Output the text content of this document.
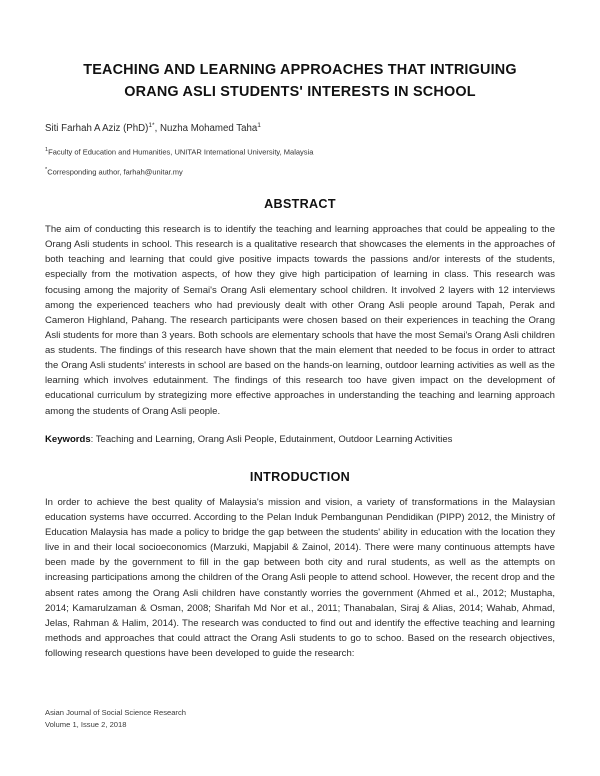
TEACHING AND LEARNING APPROACHES THAT INTRIGUING
ORANG ASLI STUDENTS' INTERESTS IN SCHOOL
Siti Farhah A Aziz (PhD)$^{1*}$, Nuzha Mohamed Taha$^1$
$^1$Faculty of Education and Humanities, UNITAR International University, Malaysia
*Corresponding author, farhah@unitar.my
ABSTRACT
The aim of conducting this research is to identify the teaching and learning approaches that could be appealing to the Orang Asli students in school. This research is a qualitative research that showcases the elements in the approaches of both teaching and learning that could give positive impacts towards the passions and/or interests of the students, especially from the motivation aspects, of how they give high participation of learning in class. This research was focusing among the majority of Semai's Orang Asli elementary school children. It involved 2 layers with 12 interviews among the experienced teachers who had previously dealt with other Orang Asli people around Tapah, Perak and Cameron Highland, Pahang. The research participants were chosen based on their experiences in teaching the Orang Asli students for more than 3 years. Both schools are elementary schools that have the most Semai's Orang Asli children as students. The findings of this research have shown that the main element that needed to be focus in order to attract the Orang Asli students' interests in school are based on the hands-on learning, outdoor learning activities as well as the learning which involves edutainment. The findings of this research too have given impact on the development of educational curriculum by strategizing more effective approaches in understanding the teaching and learning approach among the students of Orang Asli people.
Keywords: Teaching and Learning, Orang Asli People, Edutainment, Outdoor Learning Activities
INTRODUCTION
In order to achieve the best quality of Malaysia's mission and vision, a variety of transformations in the Malaysian education systems have occurred. According to the Pelan Induk Pembangunan Pendidikan (PIPP) 2012, the Ministry of Education Malaysia has made a policy to bridge the gap between the students' ability in education with the location they live in and their local socioeconomics (Marzuki, Mapjabil & Zainol, 2014). There were many continuous attempts have been made by the government to fill in the gap between both city and rural students, as well as the attempts on increasing participations among the children of the Orang Asli people to attend school. However, the recent drop and the absent rates among the Orang Asli children have constantly worries the government (Ahmed et al., 2012; Mustapha, 2014; Kamarulzaman & Osman, 2008; Sharifah Md Nor et al., 2011; Thanabalan, Siraj & Alias, 2014; Wahab, Ahmad, Jelas, Rahman & Halim, 2014). The research was conducted to find out and identify the effective teaching and learning methods and approaches that could attract the Orang Asli students to go to schoo. Based on the research objectives, following research questions have been developed to guide the research:
Asian Journal of Social Science Research
Volume 1, Issue 2, 2018
